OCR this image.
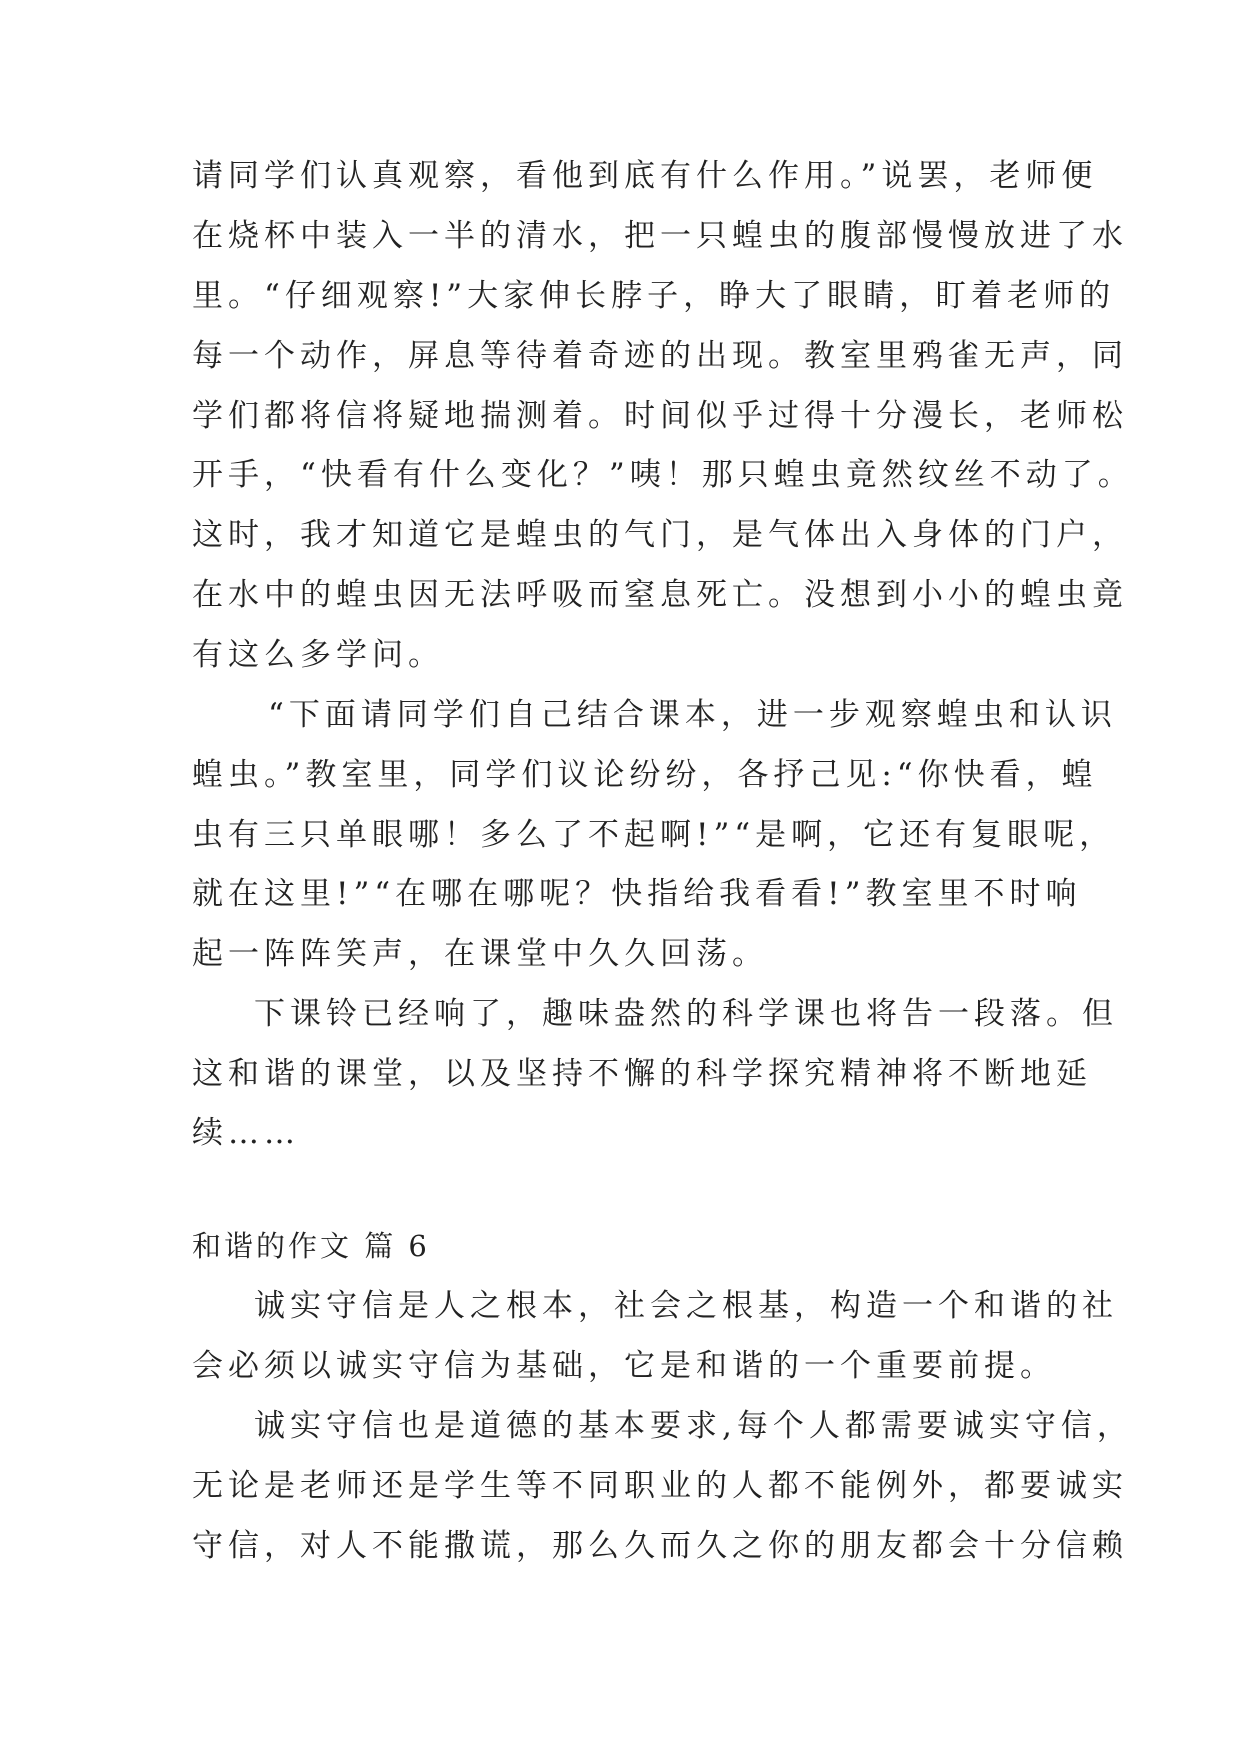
请同学们认真观察，看他到底有什么作用。”说罢，老师便
在烧杯中装入一半的清水，把一只蝗虫的腹部慢慢放进了水
里。“仔细观察!”大家伸长脖子，睁大了眼睛，盯着老师的
每一个动作，屏息等待着奇迹的出现。教室里鸦雀无声，同
学们都将信将疑地揣测着。时间似乎过得十分漫长，老师松
开手，“快看有什么变化？”咦！那只蝗虫竟然纹丝不动了。
这时，我才知道它是蝗虫的气门，是气体出入身体的门户，
在水中的蝗虫因无法呼吸而窒息死亡。没想到小小的蝗虫竟
有这么多学问。
“下面请同学们自己结合课本，进一步观察蝗虫和认识
蝗虫。”教室里，同学们议论纷纷，各抒己见:“你快看，蝗
虫有三只单眼哪！多么了不起啊!”“是啊，它还有复眼呢，
就在这里!”“在哪在哪呢？快指给我看看!”教室里不时响
起一阵阵笑声，在课堂中久久回荡。
下课铃已经响了，趣味盎然的科学课也将告一段落。但
这和谐的课堂，以及坚持不懈的科学探究精神将不断地延
续……
和谐的作文 篇 6
诚实守信是人之根本，社会之根基，构造一个和谐的社
会必须以诚实守信为基础，它是和谐的一个重要前提。
诚实守信也是道德的基本要求,每个人都需要诚实守信，
无论是老师还是学生等不同职业的人都不能例外，都要诚实
守信，对人不能撒谎，那么久而久之你的朋友都会十分信赖
